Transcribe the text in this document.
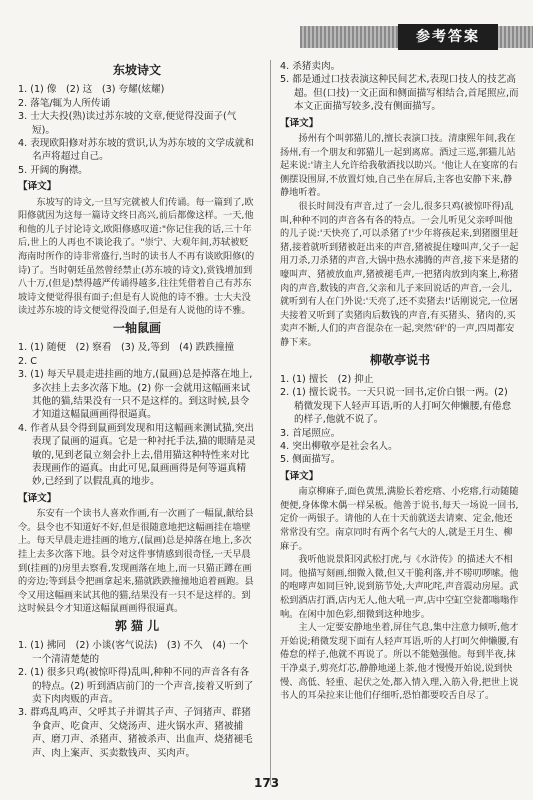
参考答案
东坡诗文

1. (1) 像　(2) 这　(3) 夸耀(炫耀)

2. 落笔/辄为人所传诵

3. 士大夫投(熟)读过苏东坡的文章,便觉得没面子(气短)。

4. 表现欧阳修对苏东坡的赏识,认为苏东坡的文学成就和名声将超过自己。

5. 开阔的胸襟。

【译文】

东坡写的诗文,一旦写完就被人们传诵。每一篇到了,欧阳修就因为这每一篇诗文终日高兴,前后都像这样。一天,他和他的儿子讨论诗文,欧阳修感叹道:"你记住我的话,三十年后,世上的人再也不谈论我了。"崇宁、大观年间,苏轼被贬海南时所作的诗非常盛行,当时的读书人不再有谈欧阳修(的诗)了。当时朝廷虽然曾经禁止(苏东坡的诗文),赏钱增加到八十万,(但是)禁得越严传诵得越多,往往凭借着自己有苏东坡诗文便觉得很有面子;但是有人说他的诗不雅。士大夫没读过苏东坡的诗文便觉得没面子,但是有人说他的诗不雅。

一轴鼠画

1. (1) 随便　(2) 察看　(3) 及,等到　(4) 跌跌撞撞

2. C

3. (1) 每天早晨走进挂画的地方,(鼠画)总是掉落在地上,多次挂上去多次落下地。(2) 你一会就用这幅画来试其他的猫,结果没有一只不是这样的。到这时候,县令才知道这幅鼠画画得很逼真。

4. 作者从县令得到鼠画到发现和用这幅画来测试猫,突出表现了鼠画的逼真。它是一种衬托手法,猫的眼睛是灵敏的,见到老鼠立刻会扑上去,借用猫这种特性来对比表现画作的逼真。由此可见,鼠画画得是何等逼真精妙,已经到了以假乱真的地步。

【译文】

东安有一个读书人喜欢作画,有一次画了一幅鼠,献给县令。县令也不知道好不好,但是很随意地把这幅画挂在墙壁上。每天早晨走进挂画的地方,(鼠画)总是掉落在地上,多次挂上去多次落下地。县令对这件事情感到很奇怪,一天早晨到(挂画的)房里去察看,发现画落在地上,而一只猫正蹲在画的旁边;等到县令把画拿起来,猫就跌跌撞撞地追着画跑。县令又用这幅画来试其他的猫,结果没有一只不是这样的。到这时候县令才知道这幅鼠画画得很逼真。

郭 猫 儿

1. (1) 拂同　(2) 小谈(客气说法)　(3) 不久　(4) 一个一个清清楚楚的

2. (1) 很多只鸡(被惊吓得)乱叫,种种不同的声音各有各的特点。(2) 听到酒店前门的一个声音,接着又听到了卖下肉肉贩的声音。

3. 群鸡乱鸣声、父呼其子并谓其子声、子饲猪声、群猪争食声、吃食声、父烧汤声、进火锅水声、猪被捕声、磨刀声、杀猪声、猪被杀声、出血声、烧猪褪毛声、肉上案声、买卖数钱声、买肉声。

4. 杀猪卖肉。

5. 都是通过口技表演这种民间艺术,表现口技人的技艺高超。但(口技)一文正面和侧面描写相结合,首尾照应,而本文正面描写较多,没有侧面描写。

【译文】

扬州有个叫郭猫儿的,擅长表演口技。清康熙年间,我在扬州,有一个朋友和郭猫儿一起到离席。酒过三巡,郭猫儿站起来说:'请主人允许给我敬酒找以助兴。'他让人在宴席的右侧摆设围屏,不放置灯烛,自己坐在屏后,主客也安静下来,静静地听着。

很长时间没有声音,过了一会儿,很多只鸡(被惊吓得)乱叫,种种不同的声音各有各的特点。一会儿听见父亲呼叫他的儿子说:'天快亮了,可以杀猪了!'少年将孩起来,到猪圈里赶猪,接着就听到猪被赶出来的声音,猪被捉住嚎叫声,父子一起用刀杀,刀杀猪的声音,大锅中热水沸腾的声音,接下来是猪的嚎叫声、猪被放血声,猪被褪毛声,一把猪肉放到肉案上,称猪肉的声音,数钱的声音,父亲和儿子来回说话的声音,一会儿,就听到有人在门外说:'天亮了,还不卖猪去!'话刚说完,一位屠夫接着又听到了卖猪肉后数钱的声音,有买猪头、猪肉的,买卖声不断,人们的声音混杂在一起,突然'砰'的一声,四周都安静下来。

柳敬亭说书

1. (1) 擅长　(2) 抑止

2. (1) 擅长说书。一天只说一回书,定价白银一两。(2) 稍微发现下人轻声耳语,听的人打呵欠伸懒腰,有倦怠的样子,他就不说了。

3. 首尾照应。

4. 突出柳敬亭是社会名人。

5. 侧面描写。

【译文】

南京柳麻子,面色黄黑,满脸长着疙瘩、小疙瘩,行动随随便便,身体像木偶一样呆板。他善于说书,每天一场说一回书,定价一两银子。请他的人在十天前就送去请柬、定金,他还常常没有空。南京同时有两个名气大的人,就是王月生、柳麻子。

我听他说景阳冈武松打虎,与《水浒传》的描述大不相同。他描写刻画,细微入微,但又干脆利落,并不唠叨啰嗦。他的咆哮声如同巨钟,说到筋节处,大声叱咤,声音震动房屋。武松到酒店打酒,店内无人,他大吼一声,店中空缸空瓮都嗡嗡作响。在闲中加色彩,细微到这种地步。

主人一定要安静地坐着,屏住气息,集中注意力倾听,他才开始说;稍微发现下面有人轻声耳语,听的人打呵欠伸懒腰,有倦怠的样子,他就不再说了。所以不能勉强他。每到半夜,抹干净桌子,剪亮灯芯,静静地递上茶,他才慢慢开始说,说到快慢、高低、轻重、起伏之处,都入情入理,入筋入骨,把世上说书人的耳朵拉来让他们仔细听,恐怕都要咬舌自尽了。

173
